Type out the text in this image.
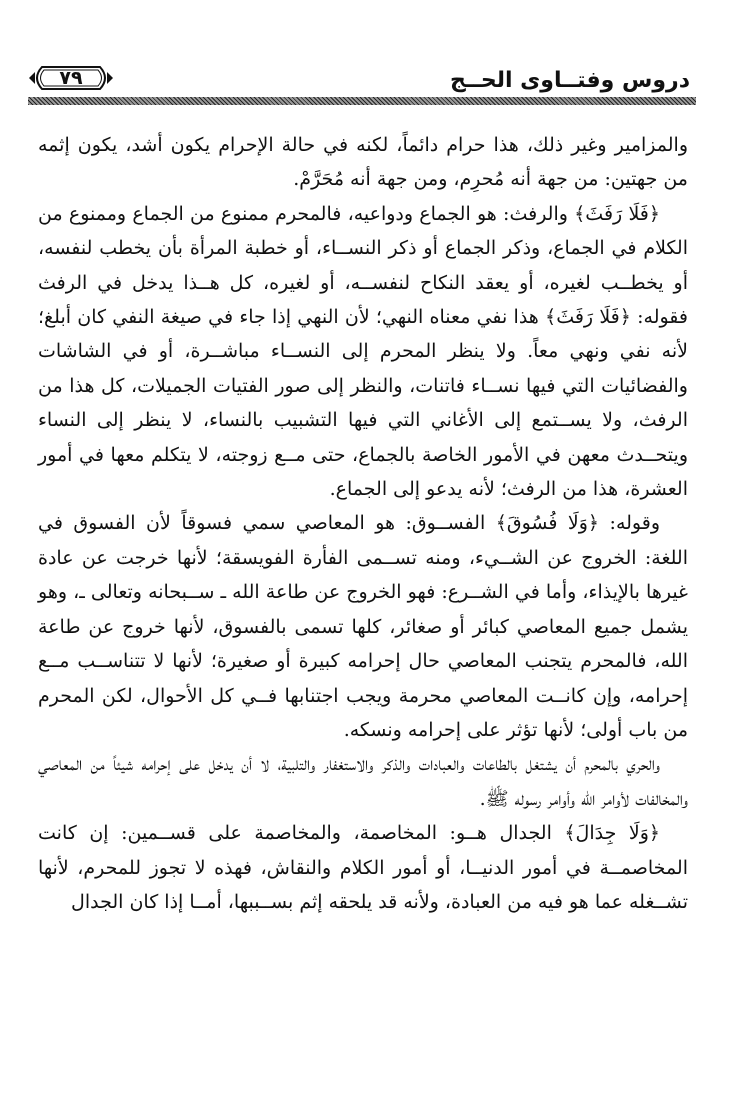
دروس وفتــاوى الحــج
٧٩

والمزامير وغير ذلك، هذا حرام دائماً، لكنه في حالة الإحرام يكون أشد، يكون إثمه من جهتين: من جهة أنه مُحرِم، ومن جهة أنه مُحَرَّمْ.

﴿فَلَا رَفَثَ﴾ والرفث: هو الجماع ودواعيه، فالمحرم ممنوع من الجماع وممنوع من الكلام في الجماع، وذكر الجماع أو ذكر النســاء، أو خطبة المرأة بأن يخطب لنفسه، أو يخطــب لغيره، أو يعقد النكاح لنفســه، أو لغيره، كل هــذا يدخل في الرفث فقوله: ﴿فَلَا رَفَثَ﴾ هذا نفي معناه النهي؛ لأن النهي إذا جاء في صيغة النفي كان أبلغ؛ لأنه نفي ونهي معاً. ولا ينظر المحرم إلى النســاء مباشــرة، أو في الشاشات والفضائيات التي فيها نســاء فاتنات، والنظر إلى صور الفتيات الجميلات، كل هذا من الرفث، ولا يســتمع إلى الأغاني التي فيها التشبيب بالنساء، لا ينظر إلى النساء ويتحــدث معهن في الأمور الخاصة بالجماع، حتى مــع زوجته، لا يتكلم معها في أمور العشرة، هذا من الرفث؛ لأنه يدعو إلى الجماع.

وقوله: ﴿وَلَا فُسُوقَ﴾ الفســوق: هو المعاصي سمي فسوقاً لأن الفسوق في اللغة: الخروج عن الشــيء، ومنه تســمى الفأرة الفويسقة؛ لأنها خرجت عن عادة غيرها بالإيذاء، وأما في الشــرع: فهو الخروج عن طاعة الله ـ ســبحانه وتعالى ـ، وهو يشمل جميع المعاصي كبائر أو صغائر، كلها تسمى بالفسوق، لأنها خروج عن طاعة الله، فالمحرم يتجنب المعاصي حال إحرامه كبيرة أو صغيرة؛ لأنها لا تتناســب مــع إحرامه، وإن كانــت المعاصي محرمة ويجب اجتنابها فــي كل الأحوال، لكن المحرم من باب أولى؛ لأنها تؤثر على إحرامه ونسكه.

والحري بالمحرم أن يشتغل بالطاعات والعبادات والذكر والاستغفار والتلبية، لا أن يدخل على إحرامه شيئاً من المعاصي والمخالفات لأوامر الله وأوامر رسوله ﷺ.

﴿وَلَا جِدَالَ﴾ الجدال هــو: المخاصمة، والمخاصمة على قســمين: إن كانت المخاصمــة في أمور الدنيــا، أو أمور الكلام والنقاش، فهذه لا تجوز للمحرم، لأنها تشــغله عما هو فيه من العبادة، ولأنه قد يلحقه إثم بســببها، أمــا إذا كان الجدال
